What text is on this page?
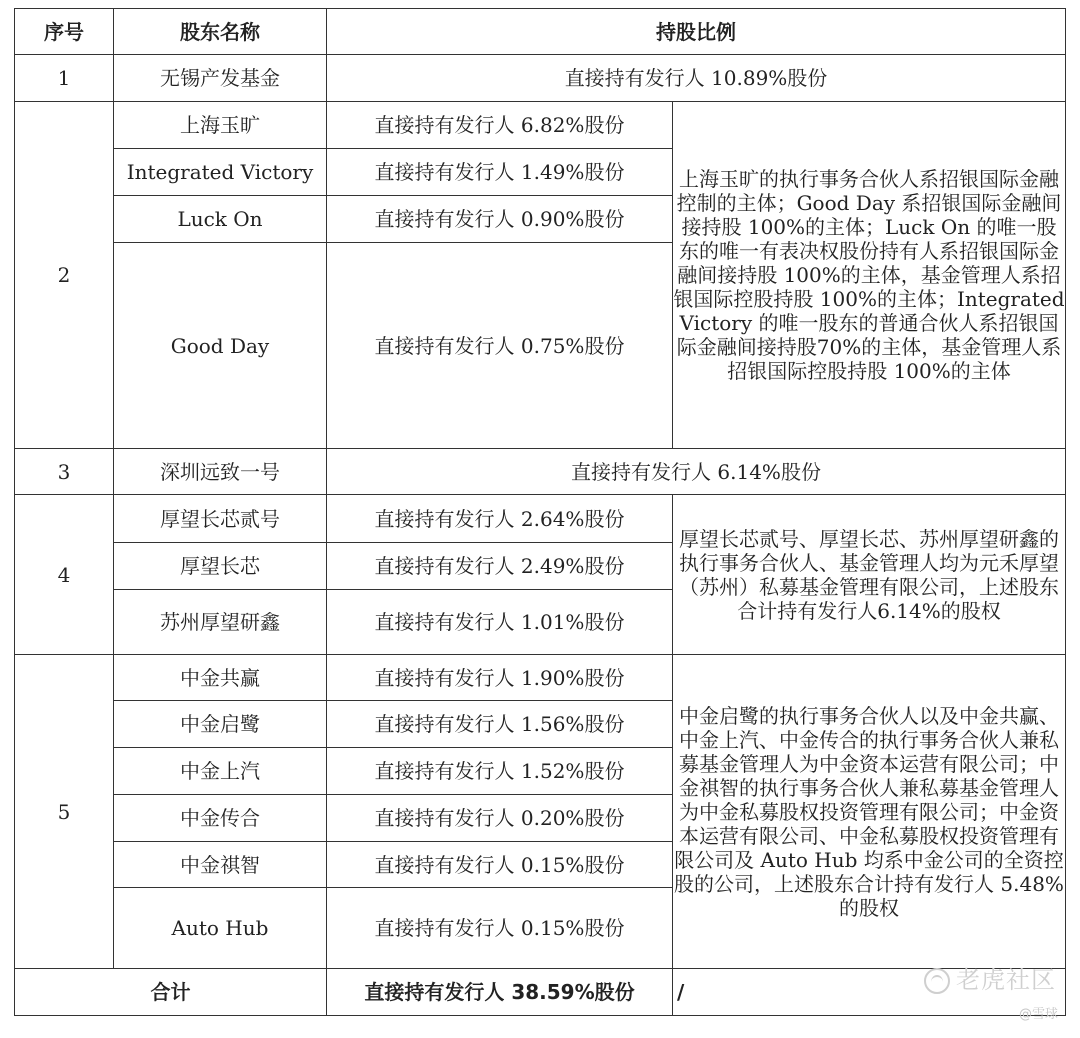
序号	股东名称	持股比例	
1	无锡产发基金	直接持有发行人 10.89%股份	
2	上海玉旷	直接持有发行人 6.82%股份	上海玉旷的执行事务合伙人系招银国际金融控制的主体；Good Day 系招银国际金融间接持股 100%的主体；Luck On 的唯一股东的唯一有表决权股份持有人系招银国际金融间接持股 100%的主体，基金管理人系招银国际控股持股 100%的主体；Integrated Victory 的唯一股东的普通合伙人系招银国际金融间接持股70%的主体，基金管理人系招银国际控股持股 100%的主体
	Integrated Victory	直接持有发行人 1.49%股份	
	Luck On	直接持有发行人 0.90%股份	
	Good Day	直接持有发行人 0.75%股份	
3	深圳远致一号	直接持有发行人 6.14%股份	
4	厚望长芯贰号	直接持有发行人 2.64%股份	厚望长芯贰号、厚望长芯、苏州厚望研鑫的执行事务合伙人、基金管理人均为元禾厚望（苏州）私募基金管理有限公司，上述股东合计持有发行人6.14%的股权
	厚望长芯	直接持有发行人 2.49%股份	
	苏州厚望研鑫	直接持有发行人 1.01%股份	
5	中金共赢	直接持有发行人 1.90%股份	中金启鹭的执行事务合伙人以及中金共赢、中金上汽、中金传合的执行事务合伙人兼私募基金管理人为中金资本运营有限公司；中金祺智的执行事务合伙人兼私募基金管理人为中金私募股权投资管理有限公司；中金资本运营有限公司、中金私募股权投资管理有限公司及 Auto Hub 均系中金公司的全资控股的公司，上述股东合计持有发行人 5.48%的股权
	中金启鹭	直接持有发行人 1.56%股份	
	中金上汽	直接持有发行人 1.52%股份	
	中金传合	直接持有发行人 0.20%股份	
	中金祺智	直接持有发行人 0.15%股份	
	Auto Hub	直接持有发行人 0.15%股份	
合计		直接持有发行人 38.59%股份	/	老虎社区
@雪球
